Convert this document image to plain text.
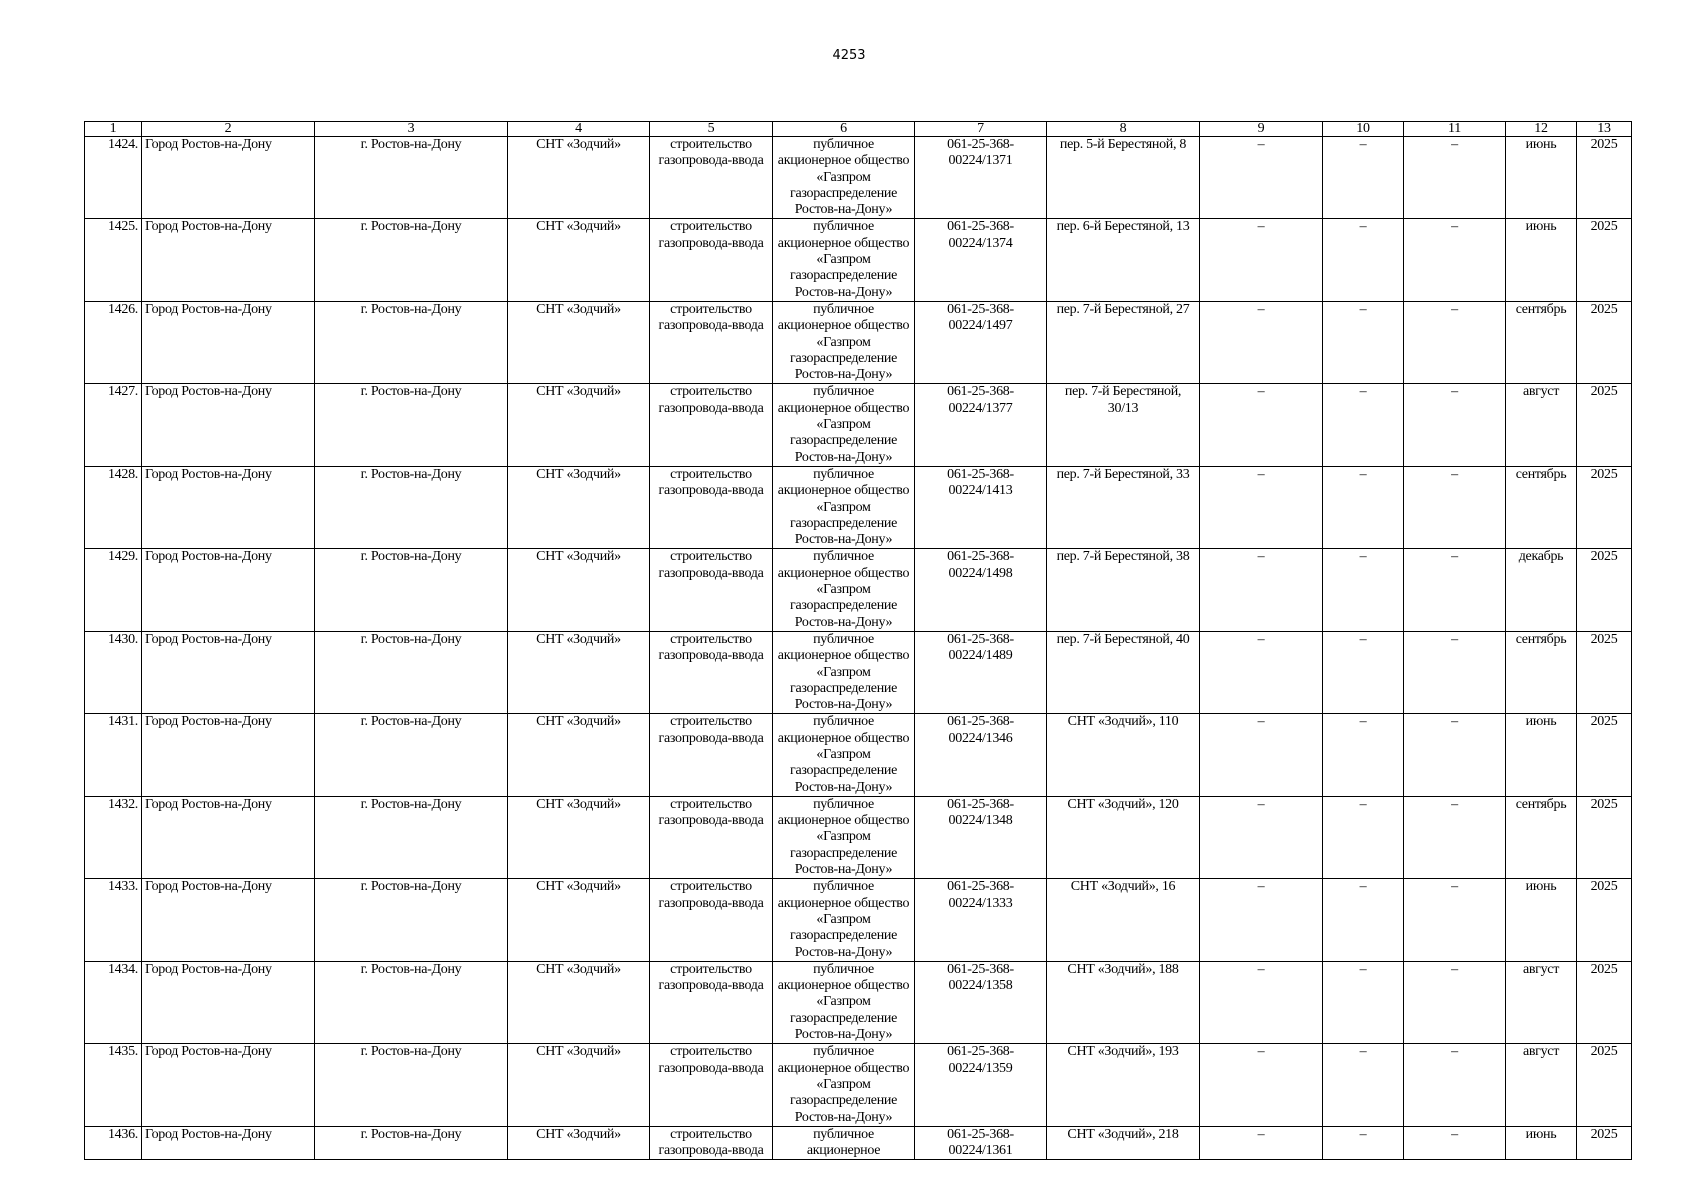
4253
1	2	3	4	5	6	7	8	9	10	11	12	13
1424.	Город Ростов-на-Дону	г. Ростов-на-Дону	СНТ «Зодчий»	строительство газопровода-ввода	публичное акционерное общество «Газпром газораспределение Ростов-на-Дону»	061-25-368-00224/1371	пер. 5-й Берестяной, 8	–	–	–	июнь	2025
1425.	Город Ростов-на-Дону	г. Ростов-на-Дону	СНТ «Зодчий»	строительство газопровода-ввода	публичное акционерное общество «Газпром газораспределение Ростов-на-Дону»	061-25-368-00224/1374	пер. 6-й Берестяной, 13	–	–	–	июнь	2025
1426.	Город Ростов-на-Дону	г. Ростов-на-Дону	СНТ «Зодчий»	строительство газопровода-ввода	публичное акционерное общество «Газпром газораспределение Ростов-на-Дону»	061-25-368-00224/1497	пер. 7-й Берестяной, 27	–	–	–	сентябрь	2025
1427.	Город Ростов-на-Дону	г. Ростов-на-Дону	СНТ «Зодчий»	строительство газопровода-ввода	публичное акционерное общество «Газпром газораспределение Ростов-на-Дону»	061-25-368-00224/1377	пер. 7-й Берестяной, 30/13	–	–	–	август	2025
1428.	Город Ростов-на-Дону	г. Ростов-на-Дону	СНТ «Зодчий»	строительство газопровода-ввода	публичное акционерное общество «Газпром газораспределение Ростов-на-Дону»	061-25-368-00224/1413	пер. 7-й Берестяной, 33	–	–	–	сентябрь	2025
1429.	Город Ростов-на-Дону	г. Ростов-на-Дону	СНТ «Зодчий»	строительство газопровода-ввода	публичное акционерное общество «Газпром газораспределение Ростов-на-Дону»	061-25-368-00224/1498	пер. 7-й Берестяной, 38	–	–	–	декабрь	2025
1430.	Город Ростов-на-Дону	г. Ростов-на-Дону	СНТ «Зодчий»	строительство газопровода-ввода	публичное акционерное общество «Газпром газораспределение Ростов-на-Дону»	061-25-368-00224/1489	пер. 7-й Берестяной, 40	–	–	–	сентябрь	2025
1431.	Город Ростов-на-Дону	г. Ростов-на-Дону	СНТ «Зодчий»	строительство газопровода-ввода	публичное акционерное общество «Газпром газораспределение Ростов-на-Дону»	061-25-368-00224/1346	СНТ «Зодчий», 110	–	–	–	июнь	2025
1432.	Город Ростов-на-Дону	г. Ростов-на-Дону	СНТ «Зодчий»	строительство газопровода-ввода	публичное акционерное общество «Газпром газораспределение Ростов-на-Дону»	061-25-368-00224/1348	СНТ «Зодчий», 120	–	–	–	сентябрь	2025
1433.	Город Ростов-на-Дону	г. Ростов-на-Дону	СНТ «Зодчий»	строительство газопровода-ввода	публичное акционерное общество «Газпром газораспределение Ростов-на-Дону»	061-25-368-00224/1333	СНТ «Зодчий», 16	–	–	–	июнь	2025
1434.	Город Ростов-на-Дону	г. Ростов-на-Дону	СНТ «Зодчий»	строительство газопровода-ввода	публичное акционерное общество «Газпром газораспределение Ростов-на-Дону»	061-25-368-00224/1358	СНТ «Зодчий», 188	–	–	–	август	2025
1435.	Город Ростов-на-Дону	г. Ростов-на-Дону	СНТ «Зодчий»	строительство газопровода-ввода	публичное акционерное общество «Газпром газораспределение Ростов-на-Дону»	061-25-368-00224/1359	СНТ «Зодчий», 193	–	–	–	август	2025
1436.	Город Ростов-на-Дону	г. Ростов-на-Дону	СНТ «Зодчий»	строительство газопровода-ввода	публичное акционерное	061-25-368-00224/1361	СНТ «Зодчий», 218	–	–	–	июнь	2025
